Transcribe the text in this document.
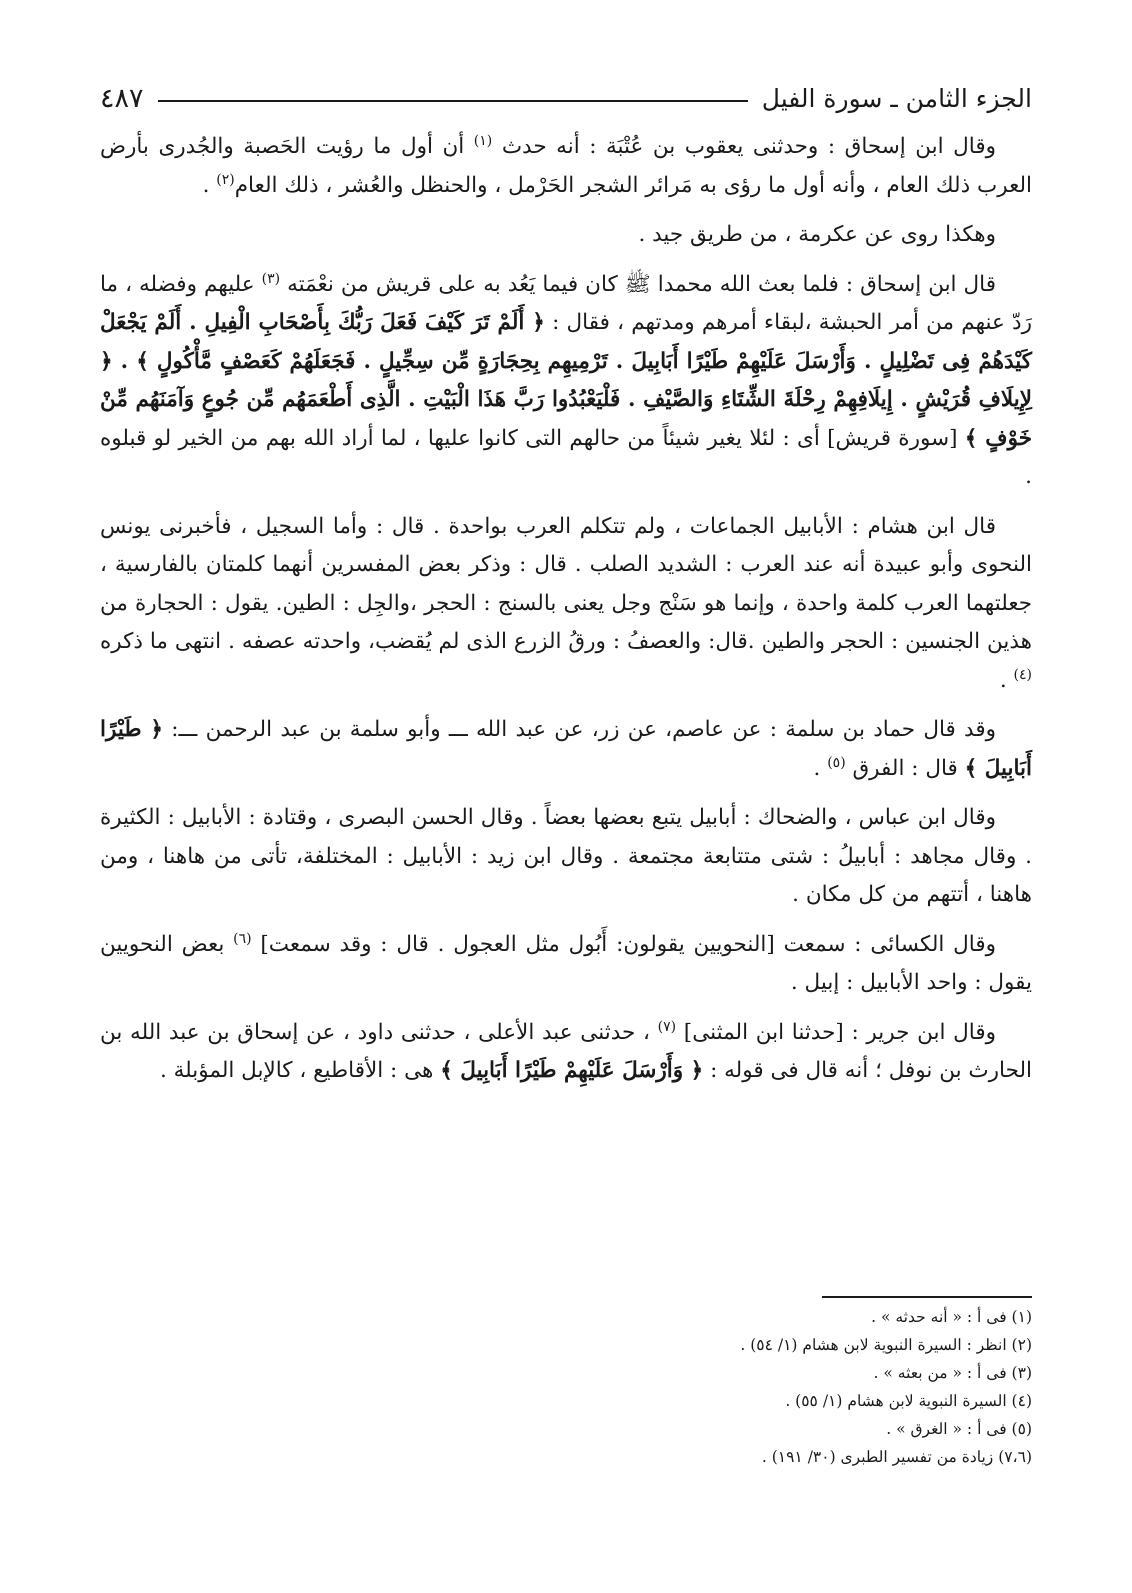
الجزء الثامن ـ سورة الفيل
٤٨٧

وقال ابن إسحاق : وحدثنى يعقوب بن عُتْبَة : أنه حدث $^{(١)}$ أن أول ما رؤيت الحَصبة والجُدرى بأرض العرب ذلك العام ، وأنه أول ما رؤى به مَرائر الشجر الحَرْمل ، والحنظل والعُشر ، ذلك العام$^{(٢)}$ .

وهكذا روى عن عكرمة ، من طريق جيد .

قال ابن إسحاق : فلما بعث الله محمدا ﷺ كان فيما يَعُد به على قريش من نعْمَته $^{(٣)}$ عليهم وفضله ، ما رَدّ عنهم من أمر الحبشة ،لبقاء أمرهم ومدتهم ، فقال : ﴿ أَلَمْ تَرَ كَيْفَ فَعَلَ رَبُّكَ بِأَصْحَابِ الْفِيلِ . أَلَمْ يَجْعَلْ كَيْدَهُمْ فِى تَضْلِيلٍ . وَأَرْسَلَ عَلَيْهِمْ طَيْرًا أَبَابِيلَ . تَرْمِيهِم بِحِجَارَةٍ مِّن سِجِّيلٍ . فَجَعَلَهُمْ كَعَصْفٍ مَّأْكُولٍ ﴾ . ﴿ لِإِيلَافِ قُرَيْشٍ . إِيلَافِهِمْ رِحْلَةَ الشِّتَاءِ وَالصَّيْفِ . فَلْيَعْبُدُوا رَبَّ هَذَا الْبَيْتِ . الَّذِى أَطْعَمَهُم مِّن جُوعٍ وَآمَنَهُم مِّنْ خَوْفٍ ﴾ [سورة قريش] أى : لئلا يغير شيئاً من حالهم التى كانوا عليها ، لما أراد الله بهم من الخير لو قبلوه .

قال ابن هشام : الأبابيل الجماعات ، ولم تتكلم العرب بواحدة . قال : وأما السجيل ، فأخبرنى يونس النحوى وأبو عبيدة أنه عند العرب : الشديد الصلب . قال : وذكر بعض المفسرين أنهما كلمتان بالفارسية ، جعلتهما العرب كلمة واحدة ، وإنما هو سَنْج وجل يعنى بالسنج : الحجر ،والجِل : الطين. يقول : الحجارة من هذين الجنسين : الحجر والطين .قال: والعصفُ : ورقُ الزرع الذى لم يُقضب، واحدته عصفه . انتهى ما ذكره $^{(٤)}$ .

وقد قال حماد بن سلمة : عن عاصم، عن زر، عن عبد الله ـــ وأبو سلمة بن عبد الرحمن ـــ: ﴿ طَيْرًا أَبَابِيلَ ﴾ قال : الفرق $^{(٥)}$ .

وقال ابن عباس ، والضحاك : أبابيل يتبع بعضها بعضاً . وقال الحسن البصرى ، وقتادة : الأبابيل : الكثيرة . وقال مجاهد : أبابيلُ : شتى متتابعة مجتمعة . وقال ابن زيد : الأبابيل : المختلفة، تأتى من هاهنا ، ومن هاهنا ، أتتهم من كل مكان .

وقال الكسائى : سمعت [النحويين يقولون: أَبُول مثل العجول . قال : وقد سمعت] $^{(٦)}$ بعض النحويين يقول : واحد الأبابيل : إبيل .

وقال ابن جرير : [حدثنا ابن المثنى] $^{(٧)}$ ، حدثنى عبد الأعلى ، حدثنى داود ، عن إسحاق بن عبد الله بن الحارث بن نوفل ؛ أنه قال فى قوله : ﴿ وَأَرْسَلَ عَلَيْهِمْ طَيْرًا أَبَابِيلَ ﴾ هى : الأقاطيع ، كالإبل المؤبلة .

(١) فى أ : « أنه حدثه » .
(٢) انظر : السيرة النبوية لابن هشام (١/ ٥٤) .
(٣) فى أ : « من بعثه » .
(٤) السيرة النبوية لابن هشام (١/ ٥٥) .
(٥) فى أ : « الغرق » .
(٧،٦) زيادة من تفسير الطبرى (٣٠/ ١٩١) .
